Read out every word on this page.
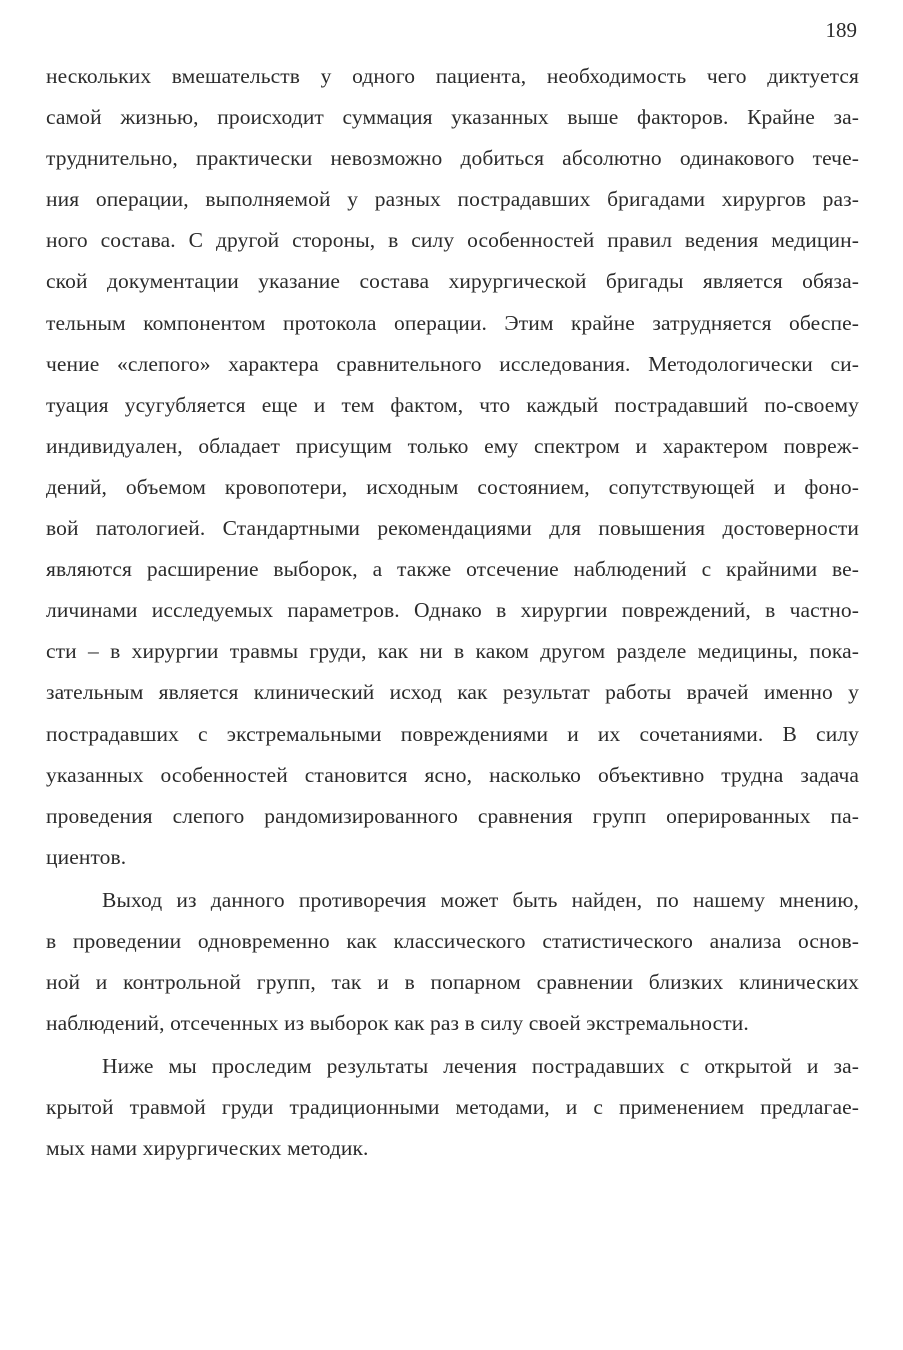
189
нескольких вмешательств у одного пациента, необходимость чего диктуется
самой жизнью, происходит суммация указанных выше факторов. Крайне за-
труднительно, практически невозможно добиться абсолютно одинакового тече-
ния операции, выполняемой у разных пострадавших бригадами хирургов раз-
ного состава. С другой стороны, в силу особенностей правил ведения медицин-
ской документации указание состава хирургической бригады является обяза-
тельным компонентом протокола операции. Этим крайне затрудняется обеспе-
чение «слепого» характера сравнительного исследования. Методологически си-
туация усугубляется еще и тем фактом, что каждый пострадавший по-своему
индивидуален, обладает присущим только ему спектром и характером повреж-
дений, объемом кровопотери, исходным состоянием, сопутствующей и фоно-
вой патологией. Стандартными рекомендациями для повышения достоверности
являются расширение выборок, а также отсечение наблюдений с крайними ве-
личинами исследуемых параметров. Однако в хирургии повреждений, в частно-
сти – в хирургии травмы груди, как ни в каком другом разделе медицины, пока-
зательным является клинический исход как результат работы врачей именно у
пострадавших с экстремальными повреждениями и их сочетаниями. В силу
указанных особенностей становится ясно, насколько объективно трудна задача
проведения слепого рандомизированного сравнения групп оперированных па-
циентов.
Выход из данного противоречия может быть найден, по нашему мнению,
в проведении одновременно как классического статистического анализа основ-
ной и контрольной групп, так и в попарном сравнении близких клинических
наблюдений, отсеченных из выборок как раз в силу своей экстремальности.
Ниже мы проследим результаты лечения пострадавших с открытой и за-
крытой травмой груди традиционными методами, и с применением предлагае-
мых нами хирургических методик.
